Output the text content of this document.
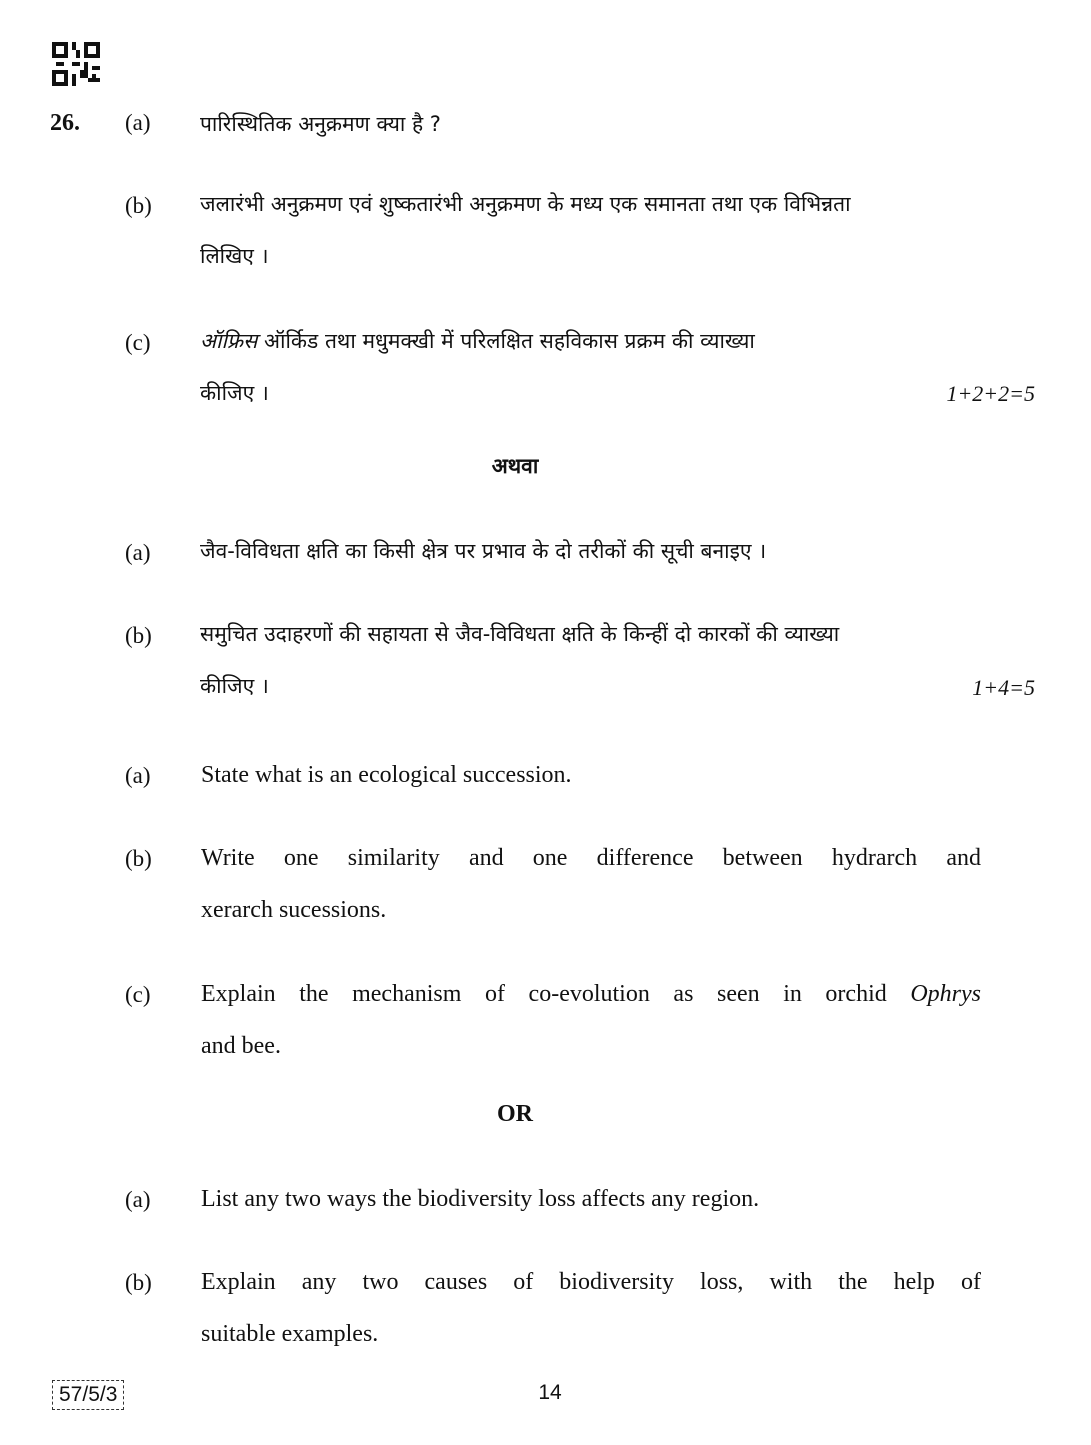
26. (a) पारिस्थितिक अनुक्रमण क्या है ?
(b) जलारंभी अनुक्रमण एवं शुष्कतारंभी अनुक्रमण के मध्य एक समानता तथा एक विभिन्नता
लिखिए ।
(c) ऑफ्रिस ऑर्किड तथा मधुमक्खी में परिलक्षित सहविकास प्रक्रम की व्याख्या
कीजिए ।	1+2+2=5
अथवा
(a) जैव-विविधता क्षति का किसी क्षेत्र पर प्रभाव के दो तरीकों की सूची बनाइए ।
(b) समुचित उदाहरणों की सहायता से जैव-विविधता क्षति के किन्हीं दो कारकों की व्याख्या
कीजिए ।	1+4=5
(a) State what is an ecological succession.
(b) Write one similarity and one difference between hydrarch and
xerarch sucessions.
(c) Explain the mechanism of co-evolution as seen in orchid Ophrys
and bee.
OR
(a) List any two ways the biodiversity loss affects any region.
(b) Explain any two causes of biodiversity loss, with the help of
suitable examples.
57/5/3	14
